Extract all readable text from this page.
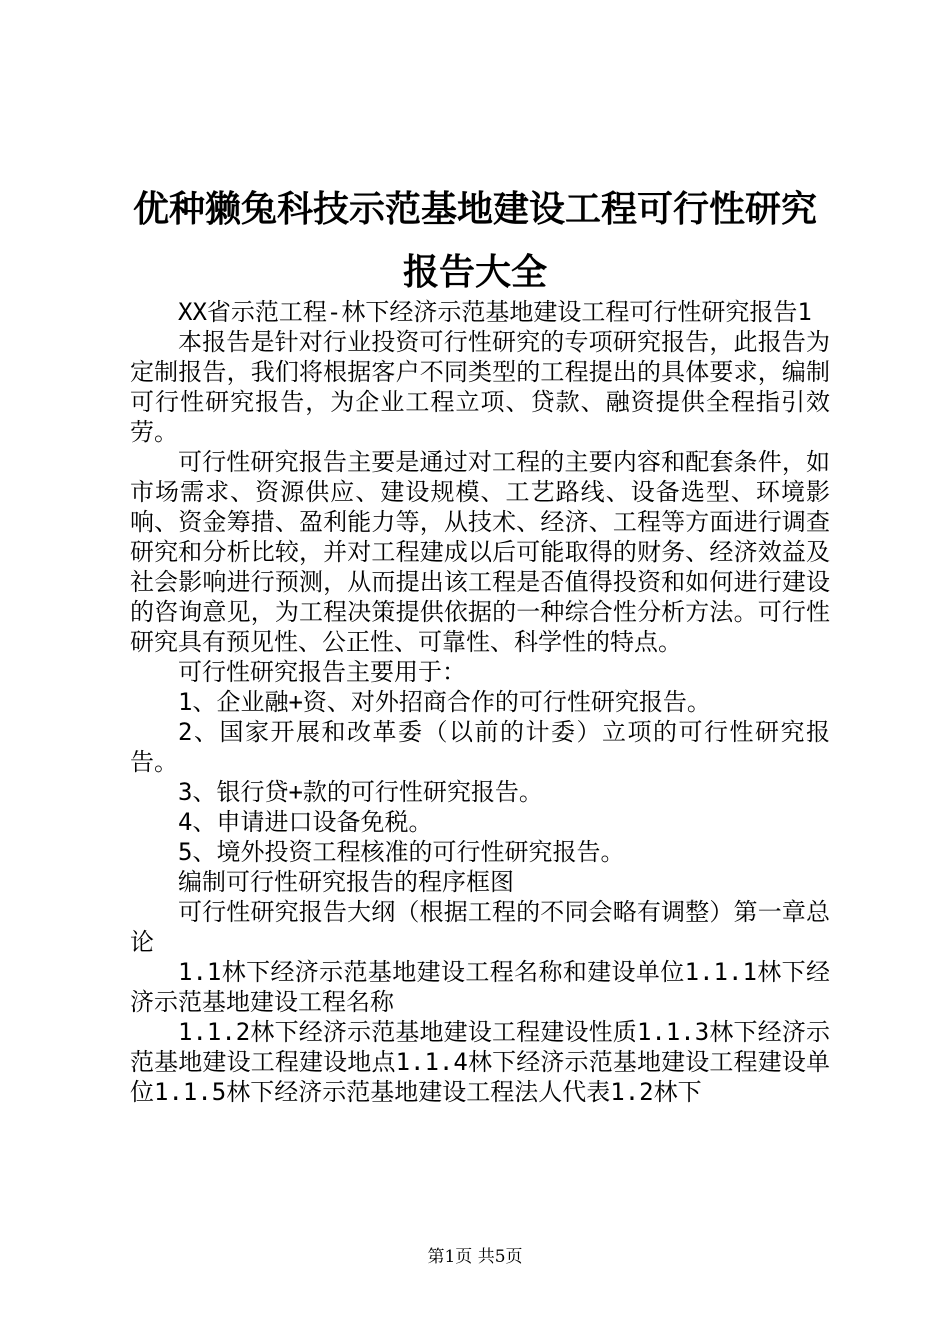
优种獭兔科技示范基地建设工程可行性研究报告大全

XX省示范工程-林下经济示范基地建设工程可行性研究报告1

本报告是针对行业投资可行性研究的专项研究报告，此报告为定制报告，我们将根据客户不同类型的工程提出的具体要求，编制可行性研究报告，为企业工程立项、贷款、融资提供全程指引效劳。

可行性研究报告主要是通过对工程的主要内容和配套条件，如市场需求、资源供应、建设规模、工艺路线、设备选型、环境影响、资金筹措、盈利能力等，从技术、经济、工程等方面进行调查研究和分析比较，并对工程建成以后可能取得的财务、经济效益及社会影响进行预测，从而提出该工程是否值得投资和如何进行建设的咨询意见，为工程决策提供依据的一种综合性分析方法。可行性研究具有预见性、公正性、可靠性、科学性的特点。

可行性研究报告主要用于：

1、企业融+资、对外招商合作的可行性研究报告。

2、国家开展和改革委（以前的计委）立项的可行性研究报告。

3、银行贷+款的可行性研究报告。

4、申请进口设备免税。

5、境外投资工程核准的可行性研究报告。

编制可行性研究报告的程序框图

可行性研究报告大纲（根据工程的不同会略有调整）第一章总论

1.1林下经济示范基地建设工程名称和建设单位1.1.1林下经济示范基地建设工程名称

1.1.2林下经济示范基地建设工程建设性质1.1.3林下经济示范基地建设工程建设地点1.1.4林下经济示范基地建设工程建设单位1.1.5林下经济示范基地建设工程法人代表1.2林下

第1页 共5页
